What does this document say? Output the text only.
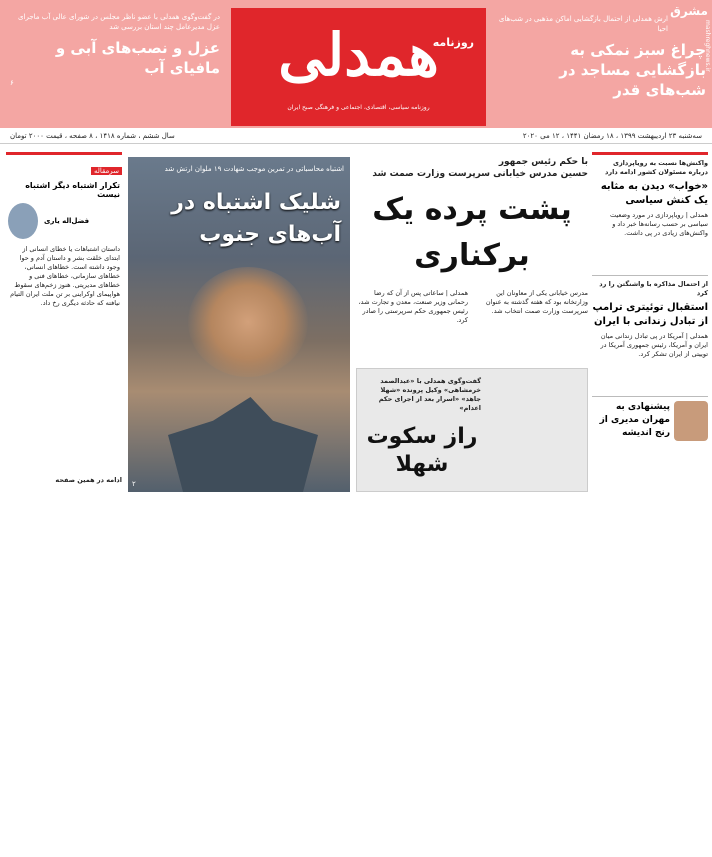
در گفت‌وگوی همدلی با عضو ناظر مجلس در شورای عالی آب ماجرای عزل مدیرعامل چند استان بررسی شد
عزل و نصب‌های آبی و مافیای آب
۶	همدلی
روزنامه
روزنامه سیاسی، اقتصادی، اجتماعی و فرهنگی صبح ایران
ارش همدلی از احتمال بازگشایی اماکن مذهبی در شب‌های احیا
چراغ سبز نمکی به بازگشایی مساجد در شب‌های قدر
مشرق
mashreghnews.ir
سه‌شنبه ۲۳ اردیبهشت ۱۳۹۹ ، ۱۸ رمضان ۱۴۴۱ ، ۱۲ می ۲۰۲۰
سال ششم ، شماره ۱۴۱۸ ، ۸ صفحه ، قیمت ۲۰۰۰ تومان
سرمقاله
تکرار اشتباه دیگر اشتباه نیست
فضل‌اله یاری
داستان اشتباهات یا خطای انسانی از ابتدای خلقت بشر و داستان آدم و حوا وجود داشته است. خطاهای انسانی، خطاهای سازمانی، خطاهای فنی و خطاهای مدیریتی. هنوز زخم‌های سقوط هواپیمای اوکراینی بر تن ملت ایران التیام نیافته که حادثه دیگری رخ داد.
ادامه در همین صفحه
اشتباه محاسباتی در تمرین موجب شهادت ۱۹ ملوان ارتش شد
شلیک اشتباه در آب‌های جنوب
۲
با حکم رئیس جمهور
حسین مدرس خیابانی سرپرست وزارت صمت شد
پشت پرده یک برکناری
همدلی | ساعاتی پس از آن که رضا رحمانی وزیر صنعت، معدن و تجارت شد، رئیس جمهوری حکم سرپرستی را صادر کرد.
مدرس خیابانی یکی از معاونان این وزارتخانه بود که هفته گذشته به عنوان سرپرست وزارت صمت انتخاب شد.
گفت‌وگوی همدلی با «عبدالصمد خرمشاهی» وکیل پرونده «شهلا جاهد» «اسرار بعد از اجرای حکم اعدام»
راز سکوت شهلا
واکنش‌ها نسبت به رویاپردازی درباره مسئولان کشور ادامه دارد
«خواب» دیدن به مثابه یک کنش سیاسی
همدلی | رویاپردازی در مورد وضعیت سیاسی بر حسب رسانه‌ها خبر داد و واکنش‌های زیادی در پی داشت.
از احتمال مذاکره با واشنگتن را رد کرد
استقبال توئیتری ترامپ از تبادل زندانی با ایران
همدلی | آمریکا در پی تبادل زندانی میان ایران و آمریکا، رئیس جمهوری آمریکا در توییتی از ایران تشکر کرد.
پیشنهادی به مهران مدیری از رنج اندیشه
